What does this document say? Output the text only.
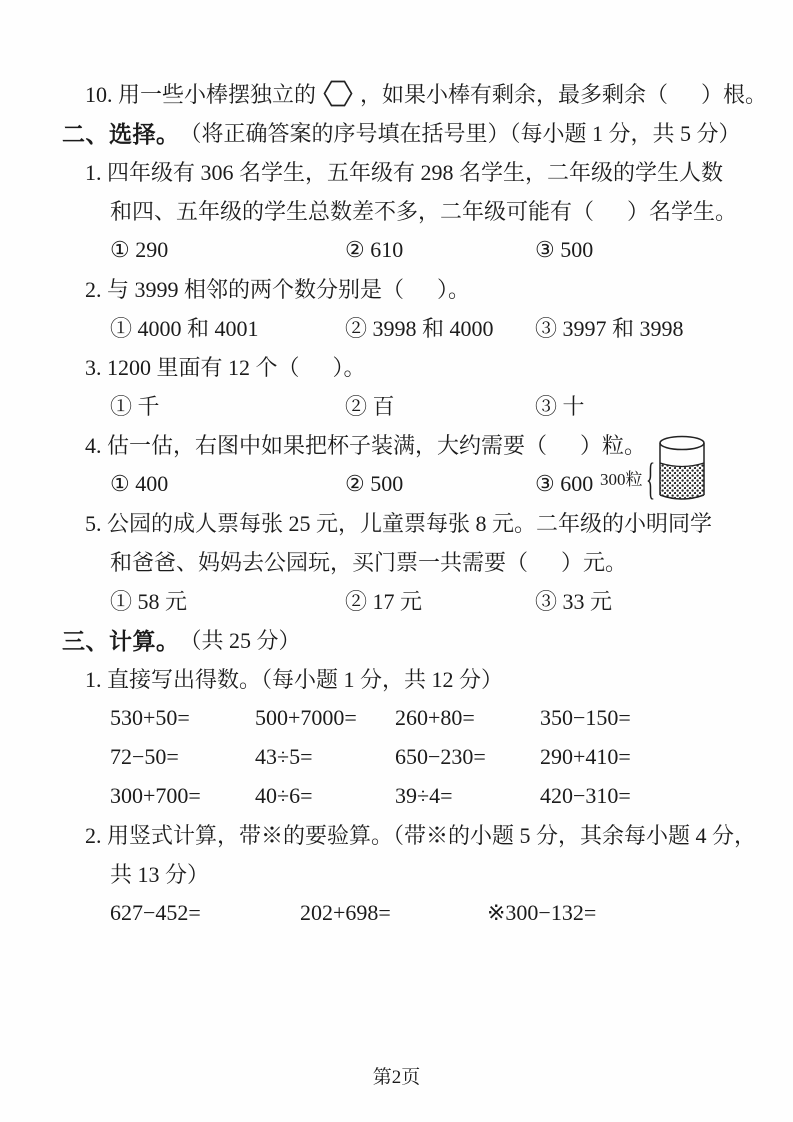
10. 用一些小棒摆独立的 ，如果小棒有剩余，最多剩余（      ）根。
二、选择。 （将正确答案的序号填在括号里）（每小题 1 分，共 5 分）
1. 四年级有 306 名学生，五年级有 298 名学生，二年级的学生人数
和四、五年级的学生总数差不多，二年级可能有（      ）名学生。
① 290	② 610	③ 500
2. 与 3999 相邻的两个数分别是（      ）。
① 4000 和 4001	② 3998 和 4000	③ 3997 和 3998
3. 1200 里面有 12 个（      ）。
① 千	② 百	③ 十
4. 估一估，右图中如果把杯子装满，大约需要（      ）粒。
① 400	② 500	③ 600
5. 公园的成人票每张 25 元，儿童票每张 8 元。二年级的小明同学
和爸爸、妈妈去公园玩，买门票一共需要（      ）元。
① 58 元	② 17 元	③ 33 元
三、计算。 （共 25 分）
1. 直接写出得数。（每小题 1 分，共 12 分）
530+50=	500+7000=	260+80=	350−150=
72−50=	43÷5=	650−230=	290+410=
300+700=	40÷6=	39÷4=	420−310=
2. 用竖式计算，带※的要验算。（带※的小题 5 分，其余每小题 4 分，
共 13 分）
627−452=	202+698=	※300−132=
300粒 {
第2页
